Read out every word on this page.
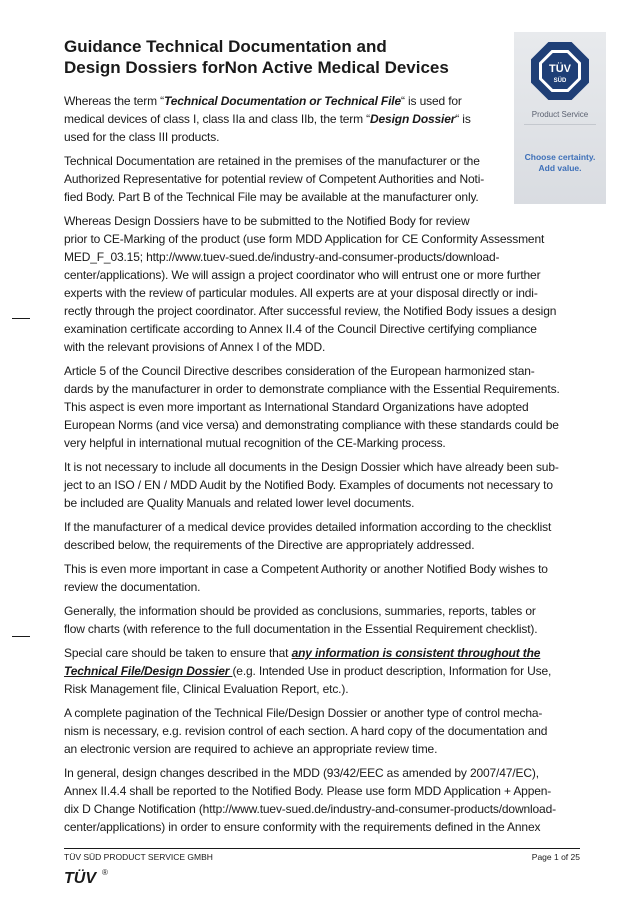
Guidance Technical Documentation and
Design Dossiers forNon Active Medical Devices	TÜV
SÜD
Product Service
Choose certainty.
Add value.

Whereas the term “Technical Documentation or Technical File“ is used for
medical devices of class I, class IIa and class IIb, the term “Design Dossier“ is
used for the class III products.

Technical Documentation are retained in the premises of the manufacturer or the
Authorized Representative for potential review of Competent Authorities and Noti-
fied Body. Part B of the Technical File may be available at the manufacturer only.

Whereas Design Dossiers have to be submitted to the Notified Body for review
prior to CE-Marking of the product (use form MDD Application for CE Conformity Assessment
MED_F_03.15; http://www.tuev-sued.de/industry-and-consumer-products/download-
center/applications). We will assign a project coordinator who will entrust one or more further
experts with the review of particular modules. All experts are at your disposal directly or indi-
rectly through the project coordinator. After successful review, the Notified Body issues a design
examination certificate according to Annex II.4 of the Council Directive certifying compliance
with the relevant provisions of Annex I of the MDD.

Article 5 of the Council Directive describes consideration of the European harmonized stan-
dards by the manufacturer in order to demonstrate compliance with the Essential Requirements.
This aspect is even more important as International Standard Organizations have adopted
European Norms (and vice versa) and demonstrating compliance with these standards could be
very helpful in international mutual recognition of the CE-Marking process.

It is not necessary to include all documents in the Design Dossier which have already been sub-
ject to an ISO / EN / MDD Audit by the Notified Body. Examples of documents not necessary to
be included are Quality Manuals and related lower level documents.

If the manufacturer of a medical device provides detailed information according to the checklist
described below, the requirements of the Directive are appropriately addressed.

This is even more important in case a Competent Authority or another Notified Body wishes to
review the documentation.

Generally, the information should be provided as conclusions, summaries, reports, tables or
flow charts (with reference to the full documentation in the Essential Requirement checklist).

Special care should be taken to ensure that any information is consistent throughout the
Technical File/Design Dossier (e.g. Intended Use in product description, Information for Use,
Risk Management file, Clinical Evaluation Report, etc.).

A complete pagination of the Technical File/Design Dossier or another type of control mecha-
nism is necessary, e.g. revision control of each section. A hard copy of the documentation and
an electronic version are required to achieve an appropriate review time.

In general, design changes described in the MDD (93/42/EEC as amended by 2007/47/EC),
Annex II.4.4 shall be reported to the Notified Body. Please use form MDD Application + Appen-
dix D Change Notification (http://www.tuev-sued.de/industry-and-consumer-products/download-
center/applications) in order to ensure conformity with the requirements defined in the Annex

TÜV SÜD PRODUCT SERVICE GMBH	Page 1 of 25
TÜV ®
